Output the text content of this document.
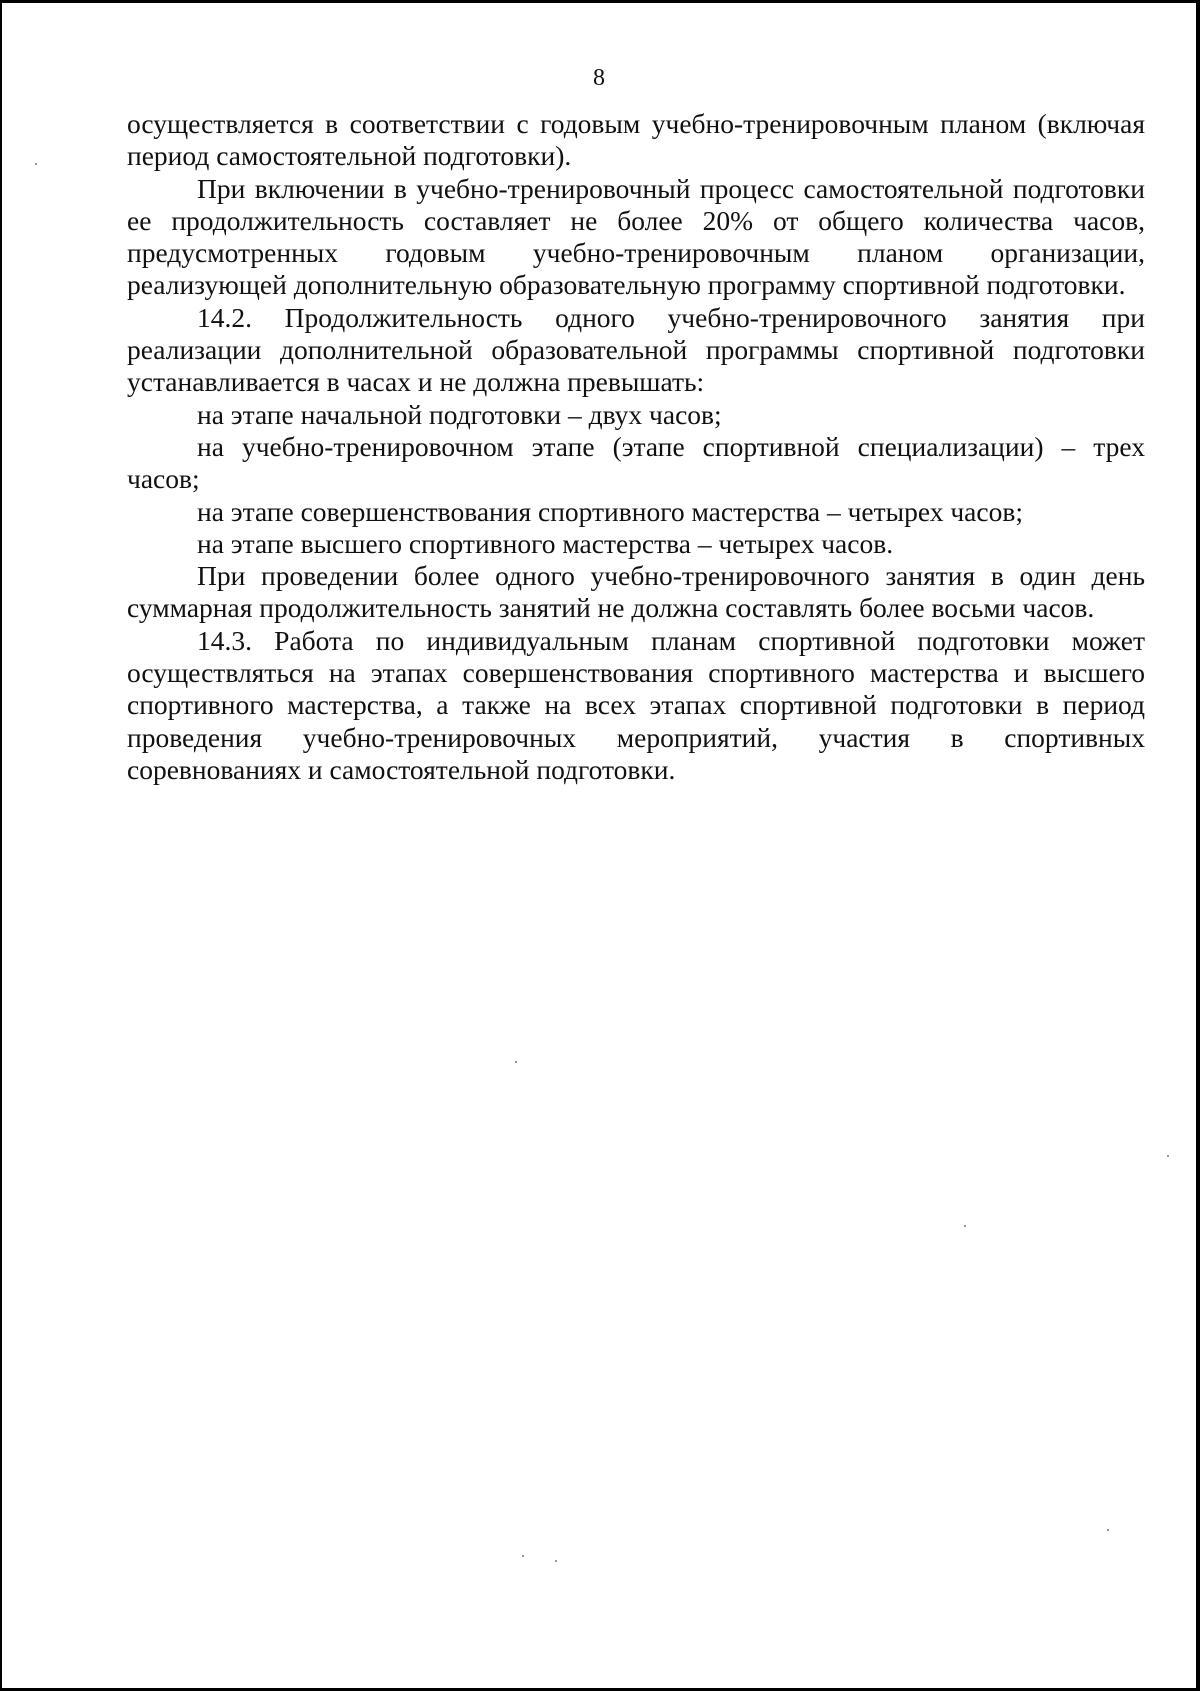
8

осуществляется в соответствии с годовым учебно-тренировочным планом (включая период самостоятельной подготовки).

При включении в учебно-тренировочный процесс самостоятельной подготовки ее продолжительность составляет не более 20% от общего количества часов, предусмотренных годовым учебно-тренировочным планом организации, реализующей дополнительную образовательную программу спортивной подготовки.

14.2. Продолжительность одного учебно-тренировочного занятия при реализации дополнительной образовательной программы спортивной подготовки устанавливается в часах и не должна превышать:

на этапе начальной подготовки – двух часов;

на учебно-тренировочном этапе (этапе спортивной специализации) – трех часов;

на этапе совершенствования спортивного мастерства – четырех часов;

на этапе высшего спортивного мастерства – четырех часов.

При проведении более одного учебно-тренировочного занятия в один день суммарная продолжительность занятий не должна составлять более восьми часов.

14.3. Работа по индивидуальным планам спортивной подготовки может осуществляться на этапах совершенствования спортивного мастерства и высшего спортивного мастерства, а также на всех этапах спортивной подготовки в период проведения учебно-тренировочных мероприятий, участия в спортивных соревнованиях и самостоятельной подготовки.
